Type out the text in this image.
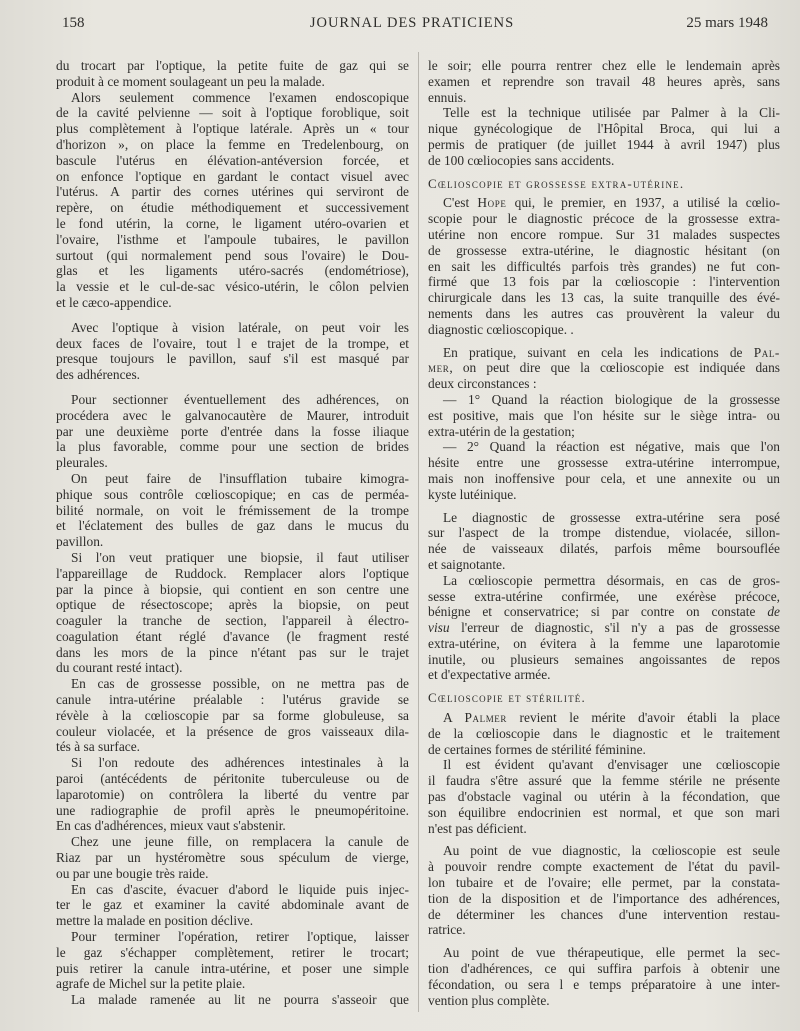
158	JOURNAL DES PRATICIENS	25 mars 1948
du trocart par l'optique, la petite fuite de gaz qui se
produit à ce moment soulageant un peu la malade.
Alors seulement commence l'examen endoscopique
de la cavité pelvienne — soit à l'optique foroblique, soit
plus complètement à l'optique latérale. Après un « tour
d'horizon », on place la femme en Tredelenbourg, on
bascule l'utérus en élévation-antéversion forcée, et
on enfonce l'optique en gardant le contact visuel avec
l'utérus. A partir des cornes utérines qui serviront de
repère, on étudie méthodiquement et successivement
le fond utérin, la corne, le ligament utéro-ovarien et
l'ovaire, l'isthme et l'ampoule tubaires, le pavillon
surtout (qui normalement pend sous l'ovaire) le Dou-
glas et les ligaments utéro-sacrés (endométriose),
la vessie et le cul-de-sac vésico-utérin, le côlon pelvien
et le cæco-appendice.
Avec l'optique à vision latérale, on peut voir les
deux faces de l'ovaire, tout l e trajet de la trompe, et
presque toujours le pavillon, sauf s'il est masqué par
des adhérences.
Pour sectionner éventuellement des adhérences, on
procédera avec le galvanocautère de Maurer, introduit
par une deuxième porte d'entrée dans la fosse iliaque
la plus favorable, comme pour une section de brides
pleurales.
On peut faire de l'insufflation tubaire kimogra-
phique sous contrôle cœlioscopique; en cas de perméa-
bilité normale, on voit le frémissement de la trompe
et l'éclatement des bulles de gaz dans le mucus du
pavillon.
Si l'on veut pratiquer une biopsie, il faut utiliser
l'appareillage de Ruddock. Remplacer alors l'optique
par la pince à biopsie, qui contient en son centre une
optique de résectoscope; après la biopsie, on peut
coaguler la tranche de section, l'appareil à électro-
coagulation étant réglé d'avance (le fragment resté
dans les mors de la pince n'étant pas sur le trajet
du courant resté intact).
En cas de grossesse possible, on ne mettra pas de
canule intra-utérine préalable : l'utérus gravide se
révèle à la cœlioscopie par sa forme globuleuse, sa
couleur violacée, et la présence de gros vaisseaux dila-
tés à sa surface.
Si l'on redoute des adhérences intestinales à la
paroi (antécédents de péritonite tuberculeuse ou de
laparotomie) on contrôlera la liberté du ventre par
une radiographie de profil après le pneumopéritoine.
En cas d'adhérences, mieux vaut s'abstenir.
Chez une jeune fille, on remplacera la canule de
Riaz par un hystéromètre sous spéculum de vierge,
ou par une bougie très raide.
En cas d'ascite, évacuer d'abord le liquide puis injec-
ter le gaz et examiner la cavité abdominale avant de
mettre la malade en position déclive.
Pour terminer l'opération, retirer l'optique, laisser
le gaz s'échapper complètement, retirer le trocart;
puis retirer la canule intra-utérine, et poser une simple
agrafe de Michel sur la petite plaie.
La malade ramenée au lit ne pourra s'asseoir que
le soir; elle pourra rentrer chez elle le lendemain après
examen et reprendre son travail 48 heures après, sans
ennuis.
Telle est la technique utilisée par Palmer à la Cli-
nique gynécologique de l'Hôpital Broca, qui lui a
permis de pratiquer (de juillet 1944 à avril 1947) plus
de 100 cœliocopies sans accidents.
Cœlioscopie et grossesse extra-utérine.
C'est Hope qui, le premier, en 1937, a utilisé la cœlio-
scopie pour le diagnostic précoce de la grossesse extra-
utérine non encore rompue. Sur 31 malades suspectes
de grossesse extra-utérine, le diagnostic hésitant (on
en sait les difficultés parfois très grandes) ne fut con-
firmé que 13 fois par la cœlioscopie : l'intervention
chirurgicale dans les 13 cas, la suite tranquille des évé-
nements dans les autres cas prouvèrent la valeur du
diagnostic cœlioscopique. .
En pratique, suivant en cela les indications de Pal-
mer, on peut dire que la cœlioscopie est indiquée dans
deux circonstances :
— 1° Quand la réaction biologique de la grossesse
est positive, mais que l'on hésite sur le siège intra- ou
extra-utérin de la gestation;
— 2° Quand la réaction est négative, mais que l'on
hésite entre une grossesse extra-utérine interrompue,
mais non inoffensive pour cela, et une annexite ou un
kyste lutéinique.
Le diagnostic de grossesse extra-utérine sera posé
sur l'aspect de la trompe distendue, violacée, sillon-
née de vaisseaux dilatés, parfois même boursouflée
et saignotante.
La cœlioscopie permettra désormais, en cas de gros-
sesse extra-utérine confirmée, une exérèse précoce,
bénigne et conservatrice; si par contre on constate de
visu l'erreur de diagnostic, s'il n'y a pas de grossesse
extra-utérine, on évitera à la femme une laparotomie
inutile, ou plusieurs semaines angoissantes de repos
et d'expectative armée.
Cœlioscopie et stérilité.
A Palmer revient le mérite d'avoir établi la place
de la cœlioscopie dans le diagnostic et le traitement
de certaines formes de stérilité féminine.
Il est évident qu'avant d'envisager une cœlioscopie
il faudra s'être assuré que la femme stérile ne présente
pas d'obstacle vaginal ou utérin à la fécondation, que
son équilibre endocrinien est normal, et que son mari
n'est pas déficient.
Au point de vue diagnostic, la cœlioscopie est seule
à pouvoir rendre compte exactement de l'état du pavil-
lon tubaire et de l'ovaire; elle permet, par la constata-
tion de la disposition et de l'importance des adhérences,
de déterminer les chances d'une intervention restau-
ratrice.
Au point de vue thérapeutique, elle permet la sec-
tion d'adhérences, ce qui suffira parfois à obtenir une
fécondation, ou sera l e temps préparatoire à une inter-
vention plus complète.
